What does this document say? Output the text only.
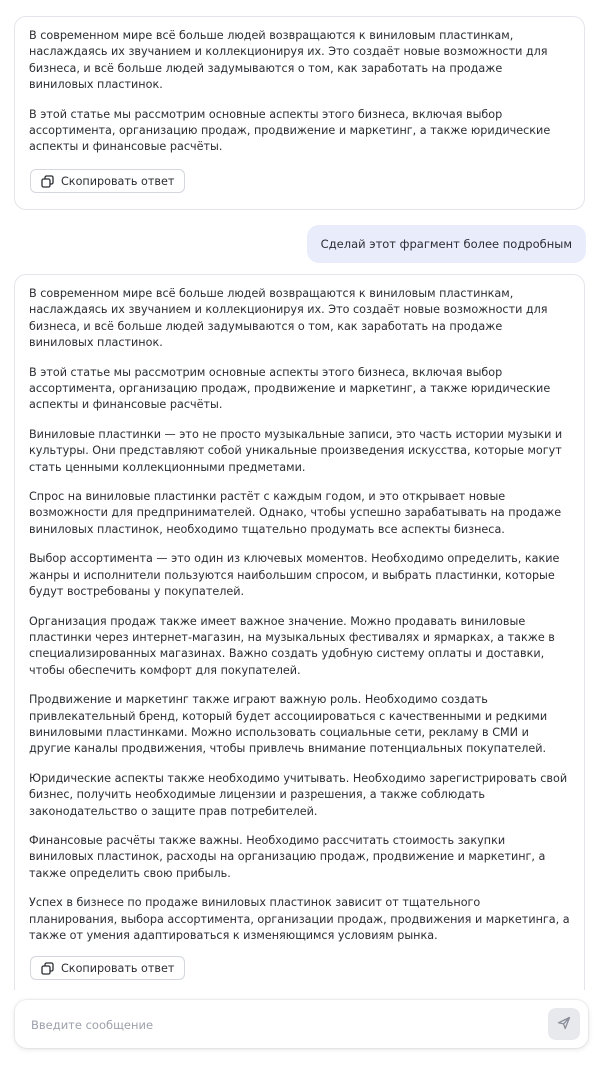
В современном мире всё больше людей возвращаются к виниловым пластинкам, наслаждаясь их звучанием и коллекционируя их. Это создаёт новые возможности для бизнеса, и всё больше людей задумываются о том, как заработать на продаже виниловых пластинок.

В этой статье мы рассмотрим основные аспекты этого бизнеса, включая выбор ассортимента, организацию продаж, продвижение и маркетинг, а также юридические аспекты и финансовые расчёты.

Скопировать ответ
Сделай этот фрагмент более подробным

В современном мире всё больше людей возвращаются к виниловым пластинкам, наслаждаясь их звучанием и коллекционируя их. Это создаёт новые возможности для бизнеса, и всё больше людей задумываются о том, как заработать на продаже виниловых пластинок.

В этой статье мы рассмотрим основные аспекты этого бизнеса, включая выбор ассортимента, организацию продаж, продвижение и маркетинг, а также юридические аспекты и финансовые расчёты.

Виниловые пластинки — это не просто музыкальные записи, это часть истории музыки и культуры. Они представляют собой уникальные произведения искусства, которые могут стать ценными коллекционными предметами.

Спрос на виниловые пластинки растёт с каждым годом, и это открывает новые возможности для предпринимателей. Однако, чтобы успешно зарабатывать на продаже виниловых пластинок, необходимо тщательно продумать все аспекты бизнеса.

Выбор ассортимента — это один из ключевых моментов. Необходимо определить, какие жанры и исполнители пользуются наибольшим спросом, и выбрать пластинки, которые будут востребованы у покупателей.

Организация продаж также имеет важное значение. Можно продавать виниловые пластинки через интернет-магазин, на музыкальных фестивалях и ярмарках, а также в специализированных магазинах. Важно создать удобную систему оплаты и доставки, чтобы обеспечить комфорт для покупателей.

Продвижение и маркетинг также играют важную роль. Необходимо создать привлекательный бренд, который будет ассоциироваться с качественными и редкими виниловыми пластинками. Можно использовать социальные сети, рекламу в СМИ и другие каналы продвижения, чтобы привлечь внимание потенциальных покупателей.

Юридические аспекты также необходимо учитывать. Необходимо зарегистрировать свой бизнес, получить необходимые лицензии и разрешения, а также соблюдать законодательство о защите прав потребителей.

Финансовые расчёты также важны. Необходимо рассчитать стоимость закупки виниловых пластинок, расходы на организацию продаж, продвижение и маркетинг, а также определить свою прибыль.

Успех в бизнесе по продаже виниловых пластинок зависит от тщательного планирования, выбора ассортимента, организации продаж, продвижения и маркетинга, а также от умения адаптироваться к изменяющимся условиям рынка.

Скопировать ответ
Введите сообщение
